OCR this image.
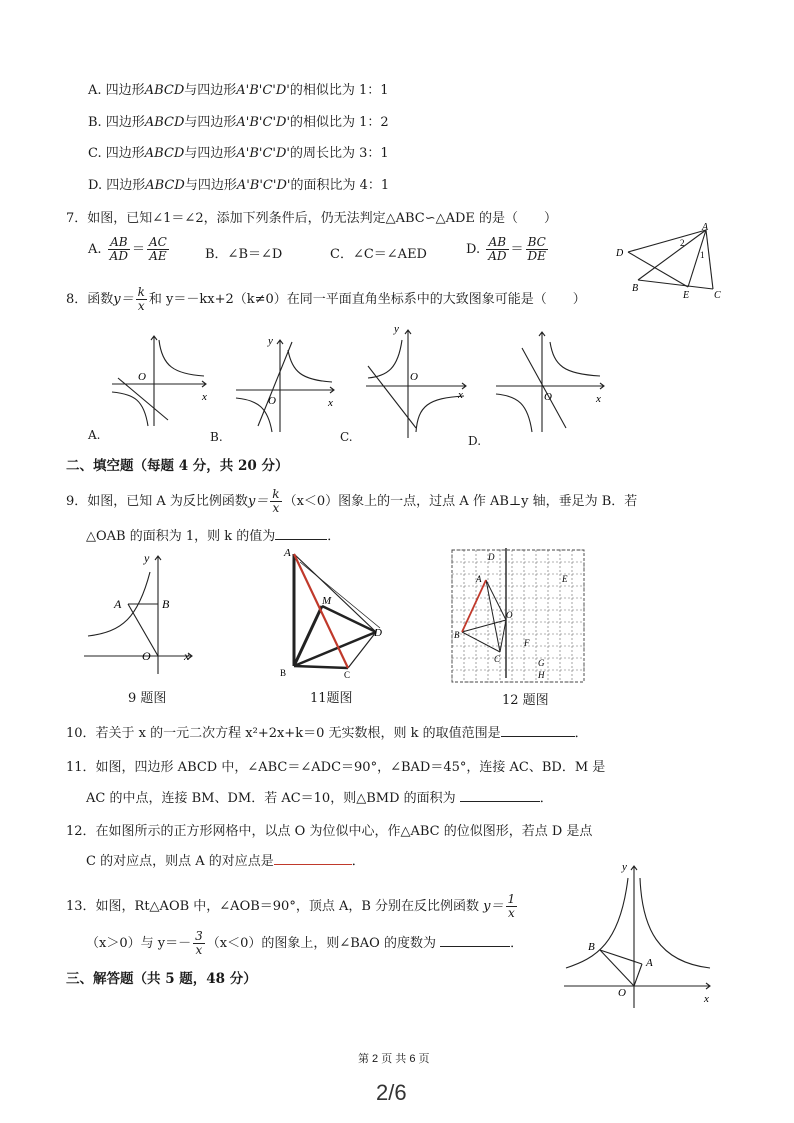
A. 四边形ABCD与四边形A'B'C'D'的相似比为 1：1
B. 四边形ABCD与四边形A'B'C'D'的相似比为 1：2
C. 四边形ABCD与四边形A'B'C'D'的周长比为 3：1
D. 四边形ABCD与四边形A'B'C'D'的面积比为 4：1
7．如图，已知∠1＝∠2，添加下列条件后，仍无法判定△ABC∽△ADE 的是（　　）
A. $\frac{AB}{AD} = \frac{AC}{AE}$	B．∠B＝∠D	C．∠C＝∠AED	D. $\frac{AB}{AD} = \frac{BC}{DE}$
A
D
B
E C
1
2
8．函数$y= \frac{k}{x}$ 和 y＝－kx+2（k≠0）在同一平面直角坐标系中的大致图象可能是（　　）
O
x
A.
y
O	x
B.
y
O
x
C.
O	x
D.
二、填空题（每题 4 分，共 20 分）
9．如图，已知 A 为反比例函数$y= \frac{k}{x} (x<0)$图象上的一点，过点 A 作 AB⊥y 轴，垂足为 B．若
△OAB 的面积为 1，则 k 的值为	．
y
A	B
O	x
9 题图
A
M
D
B	C
11题图
D
A	E
O
B
F
C	G
H
12 题图
10．若关于 x 的一元二次方程 x²+2x+k＝0 无实数根，则 k 的取值范围是	．
11．如图，四边形 ABCD 中，∠ABC＝∠ADC＝90°，∠BAD＝45°，连接 AC、BD．M 是
AC 的中点，连接 BM、DM．若 AC＝10，则△BMD 的面积为	．
12．在如图所示的正方形网格中，以点 O 为位似中心，作△ABC 的位似图形，若点 D 是点
C 的对应点，则点 A 的对应点是	．
13．如图，Rt△AOB 中，∠AOB＝90°，顶点 A，B 分别在反比例函数 $y= \frac{1}{x}$
（x＞0）与 $y=- \frac{3}{x} (x<0)$的图象上，则∠BAO 的度数为	．
y
B
A
O	x
三、解答题（共 5 题，48 分）
第 2 页 共 6 页
2/6
